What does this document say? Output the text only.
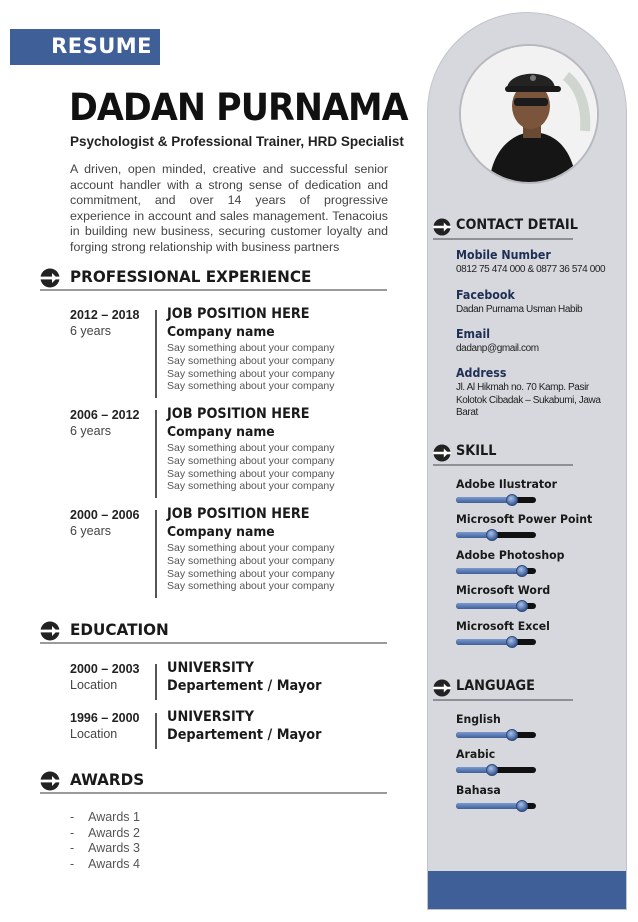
RESUME
DADAN PURNAMA
Psychologist & Professional Trainer, HRD Specialist
A driven, open minded, creative and successful senior account handler with a strong sense of dedication and commitment, and over 14 years of progressive experience in account and sales management. Tenacoius in building new business, securing customer loyalty and forging strong relationship with business partners
PROFESSIONAL EXPERIENCE
2012 – 2018
6 years
JOB POSITION HERE
Company name
Say something about your company
Say something about your company
Say something about your company
Say something about your company
2006 – 2012
6 years
JOB POSITION HERE
Company name
Say something about your company
Say something about your company
Say something about your company
Say something about your company
2000 – 2006
6 years
JOB POSITION HERE
Company name
Say something about your company
Say something about your company
Say something about your company
Say something about your company
EDUCATION
2000 – 2003
Location
UNIVERSITY
Departement / Mayor
1996 – 2000
Location
UNIVERSITY
Departement / Mayor
AWARDS
- Awards 1
- Awards 2
- Awards 3
- Awards 4
CONTACT DETAIL
Mobile Number
0812 75 474 000 & 0877 36 574 000
Facebook
Dadan Purnama Usman Habib
Email
dadanp@gmail.com
Address
Jl. Al Hikmah no. 70 Kamp. Pasir Kolotok Cibadak – Sukabumi, Jawa Barat
SKILL
Adobe Ilustrator
Microsoft Power Point
Adobe Photoshop
Microsoft Word
Microsoft Excel
LANGUAGE
English
Arabic
Bahasa
